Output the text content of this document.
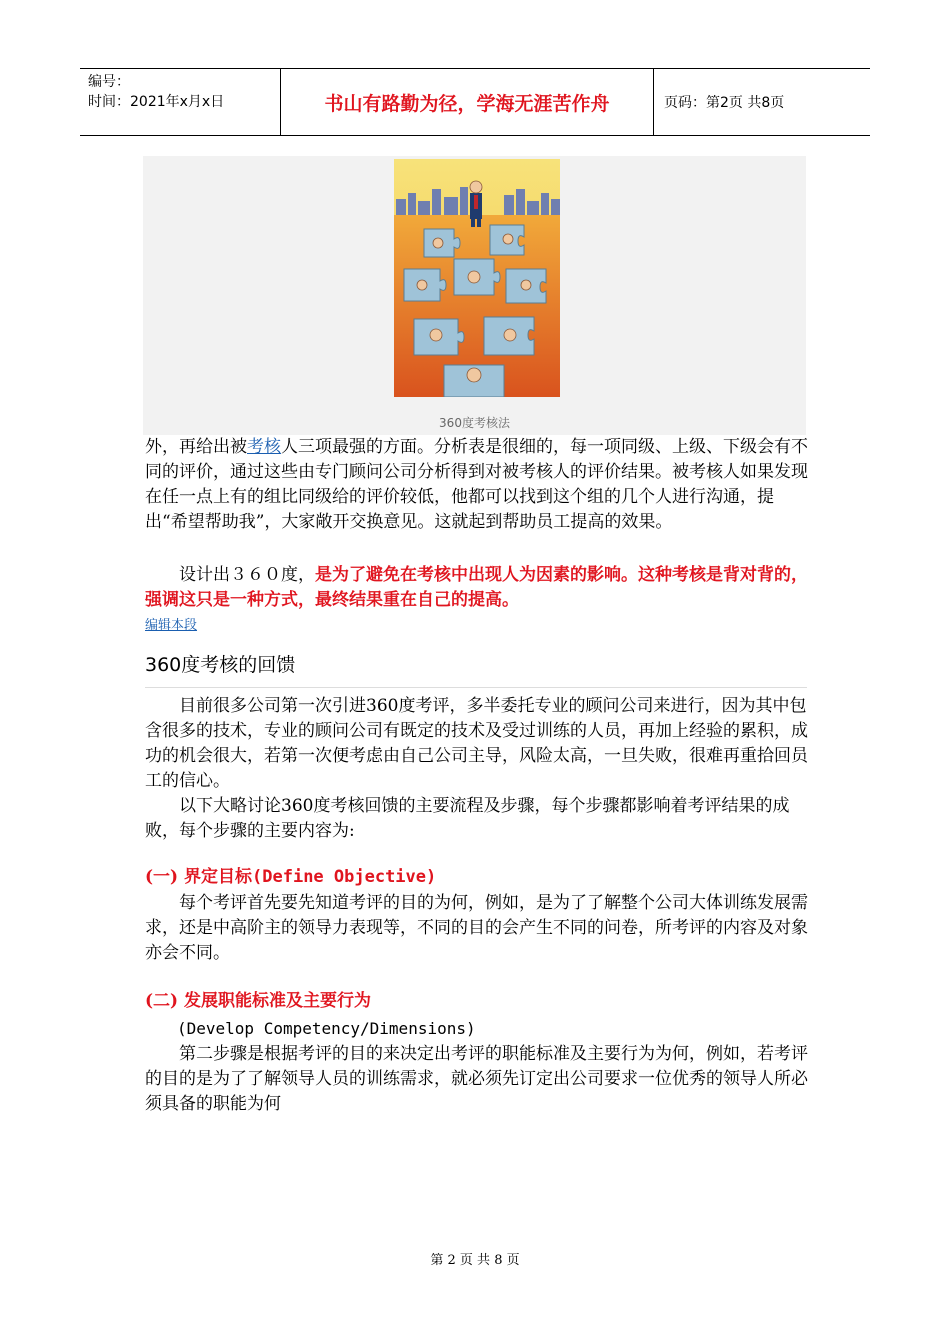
编号：
时间：2021年x月x日	书山有路勤为径，学海无涯苦作舟	页码：第2页 共8页
360度考核法
外，再给出被考核人三项最强的方面。分析表是很细的，每一项同级、上级、下级会有不同的评价，通过这些由专门顾问公司分析得到对被考核人的评价结果。被考核人如果发现在任一点上有的组比同级给的评价较低，他都可以找到这个组的几个人进行沟通，提出“希望帮助我”，大家敞开交换意见。这就起到帮助员工提高的效果。
设计出３６０度，是为了避免在考核中出现人为因素的影响。这种考核是背对背的，强调这只是一种方式，最终结果重在自己的提高。
编辑本段
360度考核的回馈
目前很多公司第一次引进360度考评，多半委托专业的顾问公司来进行，因为其中包含很多的技术，专业的顾问公司有既定的技术及受过训练的人员，再加上经验的累积，成功的机会很大，若第一次便考虑由自己公司主导，风险太高，一旦失败，很难再重拾回员工的信心。
以下大略讨论360度考核回馈的主要流程及步骤，每个步骤都影响着考评结果的成败，每个步骤的主要内容为:
(一) 界定目标(Define Objective)
每个考评首先要先知道考评的目的为何，例如，是为了了解整个公司大体训练发展需求，还是中高阶主的领导力表现等，不同的目的会产生不同的问卷，所考评的内容及对象亦会不同。
(二) 发展职能标准及主要行为
(Develop Competency/Dimensions)
第二步骤是根据考评的目的来决定出考评的职能标准及主要行为为何，例如，若考评的目的是为了了解领导人员的训练需求，就必须先订定出公司要求一位优秀的领导人所必须具备的职能为何
第 2 页 共 8 页
